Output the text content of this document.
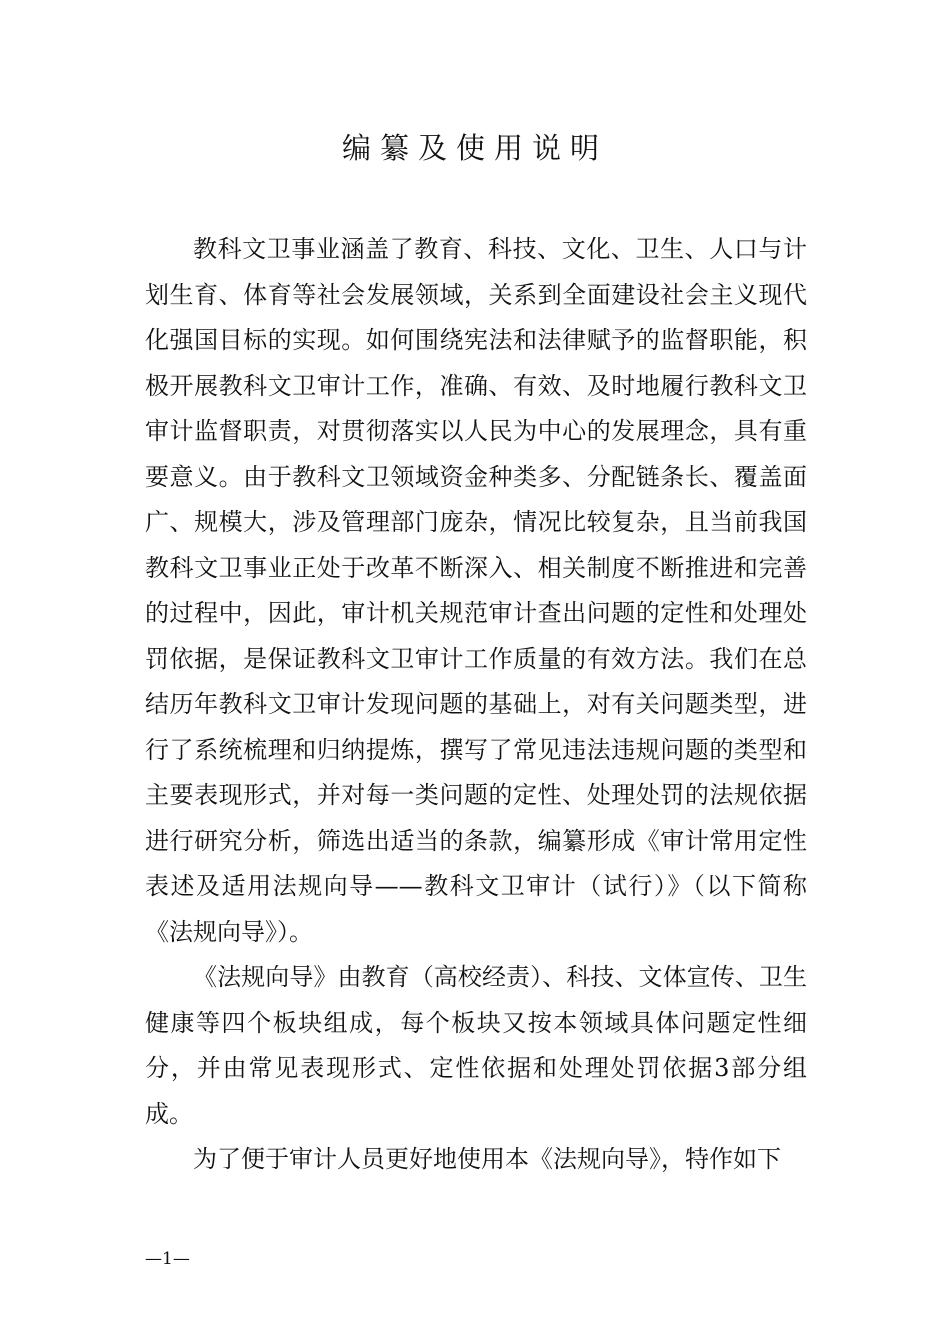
编纂及使用说明

教科文卫事业涵盖了教育、科技、文化、卫生、人口与计划生育、体育等社会发展领域，关系到全面建设社会主义现代化强国目标的实现。如何围绕宪法和法律赋予的监督职能，积极开展教科文卫审计工作，准确、有效、及时地履行教科文卫审计监督职责，对贯彻落实以人民为中心的发展理念，具有重要意义。由于教科文卫领域资金种类多、分配链条长、覆盖面广、规模大，涉及管理部门庞杂，情况比较复杂，且当前我国教科文卫事业正处于改革不断深入、相关制度不断推进和完善的过程中，因此，审计机关规范审计查出问题的定性和处理处罚依据，是保证教科文卫审计工作质量的有效方法。我们在总结历年教科文卫审计发现问题的基础上，对有关问题类型，进行了系统梳理和归纳提炼，撰写了常见违法违规问题的类型和主要表现形式，并对每一类问题的定性、处理处罚的法规依据进行研究分析，筛选出适当的条款，编纂形成《审计常用定性表述及适用法规向导——教科文卫审计（试行）》（以下简称《法规向导》）。

《法规向导》由教育（高校经责）、科技、文体宣传、卫生健康等四个板块组成，每个板块又按本领域具体问题定性细分，并由常见表现形式、定性依据和处理处罚依据3部分组成。

为了便于审计人员更好地使用本《法规向导》，特作如下

—1—
